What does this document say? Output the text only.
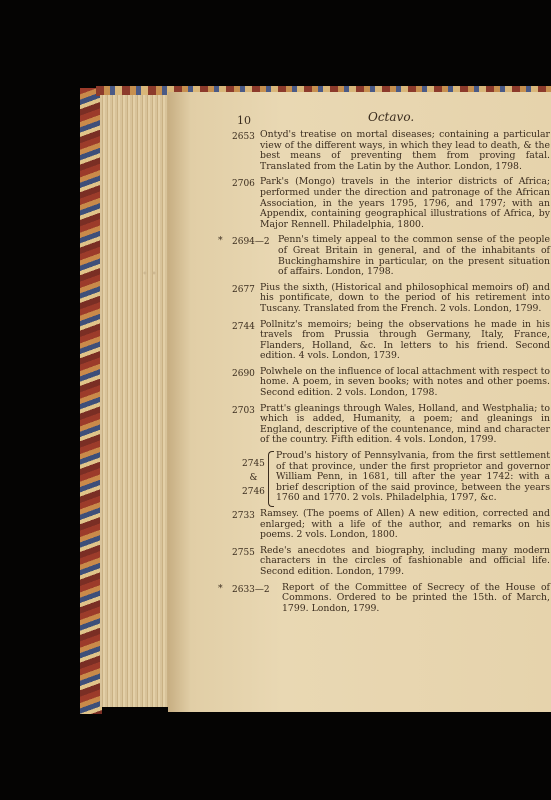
• •
10	Octavo.
2653 Ontyd's treatise on mortal diseases; containing a particular view of the different ways, in which they lead to death, & the best means of preventing them from proving fatal. Translated from the Latin by the Author. London, 1798.
2706 Park's (Mongo) travels in the interior districts of Africa; performed under the direction and patronage of the African Association, in the years 1795, 1796, and 1797; with an Appendix, containing geographical illustrations of Africa, by Major Rennell. Philadelphia, 1800.
* 2694—2 Penn's timely appeal to the common sense of the people of Great Britain in general, and of the inhabitants of Buckinghamshire in particular, on the present situation of affairs. London, 1798.
2677 Pius the sixth, (Historical and philosophical memoirs of) and his pontificate, down to the period of his retirement into Tuscany. Translated from the French. 2 vols. London, 1799.
2744 Pollnitz's memoirs; being the observations he made in his travels from Prussia through Germany, Italy, France, Flanders, Holland, &c. In letters to his friend. Second edition. 4 vols. London, 1739.
2690 Polwhele on the influence of local attachment with respect to home. A poem, in seven books; with notes and other poems. Second edition. 2 vols. London, 1798.
2703 Pratt's gleanings through Wales, Holland, and Westphalia; to which is added, Humanity, a poem; and gleanings in England, descriptive of the countenance, mind and character of the country. Fifth edition. 4 vols. London, 1799.
2745
&
2746
Proud's history of Pennsylvania, from the first settlement of that province, under the first proprietor and governor William Penn, in 1681, till after the year 1742: with a brief description of the said province, between the years 1760 and 1770. 2 vols. Philadelphia, 1797, &c.
2733 Ramsey. (The poems of Allen) A new edition, corrected and enlarged; with a life of the author, and remarks on his poems. 2 vols. London, 1800.
2755 Rede's anecdotes and biography, including many modern characters in the circles of fashionable and official life. Second edition. London, 1799.
* 2633—2 Report of the Committee of Secrecy of the House of Commons. Ordered to be printed the 15th. of March, 1799. London, 1799.
